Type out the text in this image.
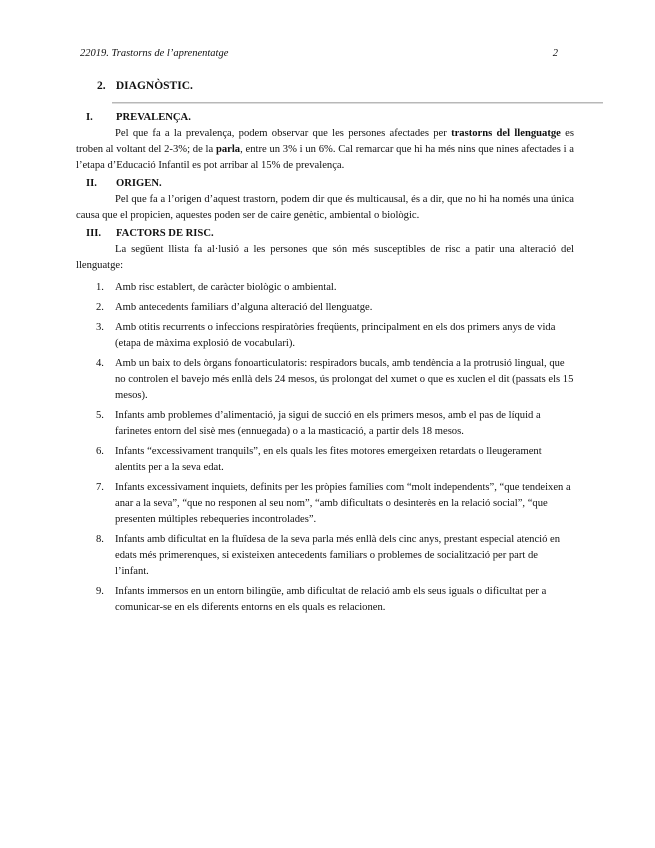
22019. Trastorns de l’aprenentatge	2
2. DIAGNÒSTIC.
I. PREVALENÇA.

Pel que fa a la prevalença, podem observar que les persones afectades per trastorns del llenguatge es troben al voltant del 2-3%; de la parla, entre un 3% i un 6%. Cal remarcar que hi ha més nins que nines afectades i a l’etapa d’Educació Infantil es pot arribar al 15% de prevalença.

II. ORIGEN.

Pel que fa a l’origen d’aquest trastorn, podem dir que és multicausal, és a dir, que no hi ha només una única causa que el propicien, aquestes poden ser de caire genètic, ambiental o biològic.

III. FACTORS DE RISC.

La següent llista fa al·lusió a les persones que són més susceptibles de risc a patir una alteració del llenguatge:

1. Amb risc establert, de caràcter biològic o ambiental.
2. Amb antecedents familiars d’alguna alteració del llenguatge.
3. Amb otitis recurrents o infeccions respiratòries freqüents, principalment en els dos primers anys de vida (etapa de màxima explosió de vocabulari).
4. Amb un baix to dels òrgans fonoarticulatoris: respiradors bucals, amb tendència a la protrusió lingual, que no controlen el bavejo més enllà dels 24 mesos, ús prolongat del xumet o que es xuclen el dit (passats els 15 mesos).
5. Infants amb problemes d’alimentació, ja sigui de succió en els primers mesos, amb el pas de líquid a farinetes entorn del sisè mes (ennuegada) o a la masticació, a partir dels 18 mesos.
6. Infants “excessivament tranquils”, en els quals les fites motores emergeixen retardats o lleugerament alentits per a la seva edat.
7. Infants excessivament inquiets, definits per les pròpies famílies com “molt independents”, “que tendeixen a anar a la seva”, “que no responen al seu nom”, “amb dificultats o desinterès en la relació social”, “que presenten múltiples rebequeries incontrolades”.
8. Infants amb dificultat en la fluïdesa de la seva parla més enllà dels cinc anys, prestant especial atenció en edats més primerenques, si existeixen antecedents familiars o problemes de socialització per part de l’infant.
9. Infants immersos en un entorn bilingüe, amb dificultat de relació amb els seus iguals o dificultat per a comunicar-se en els diferents entorns en els quals es relacionen.
